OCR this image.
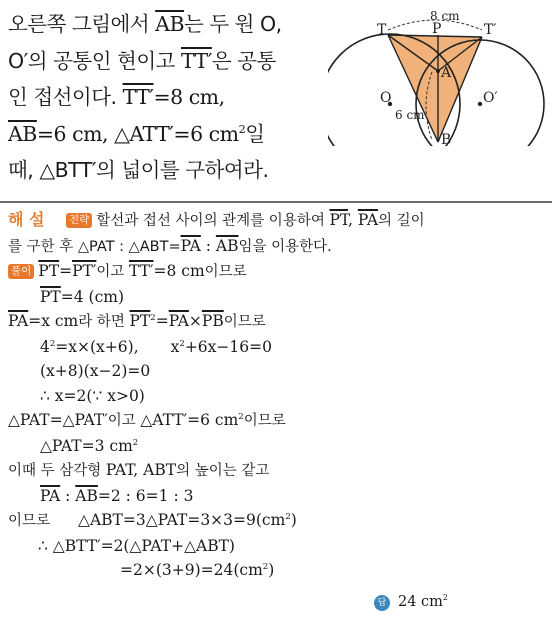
오른쪽 그림에서 $\overline{AB}$는 두 원 O,
O′의 공통인 현이고 TT′은 공통
인 접선이다. TT′=8 cm,
$\overline{AB}=6$ cm, △ATT′=6 $cm^2$일
때, △BTT′의 넓이를 구하여라.
8 cm
T	P	T′
A
O	O′
6 cm
B
해 설 전략 할선과 접선 사이의 관계를 이용하여 $\overline{PT}$, $\overline{PA}$의 길이
를 구한 후 △PAT : $\triangle ABT=\overline{PA}$ : $\overline{AB}$임을 이용한다.
풀이 $\overline{PT}=PT'$이고 TT′=8 cm이므로
$\overline{PT}=4$ (cm)
$\overline{PA}=x$ cm라 하면 $\overline{PT}^2=\overline{PA}\times\overline{PB}$이므로
$4^2=x\times(x+6)$, $x^2+6x-16=0$
(x+8)(x−2)=0
∴ x=2(∵ x>0)
△PAT=△PAT′이고 △ATT′=6 $cm^2$이므로
△PAT=3 $cm^2$
이때 두 삼각형 PAT, ABT의 높이는 같고
$\overline{PA}$ : $\overline{AB}=2$ : 6=1 : 3
이므로 $\triangle ABT=3\triangle PAT=3\times 3=9(cm^2)$
∴ △BTT′=2(△PAT+△ABT)
$=2\times(3+9)=24(cm^2)$
답 24 $cm^2$
